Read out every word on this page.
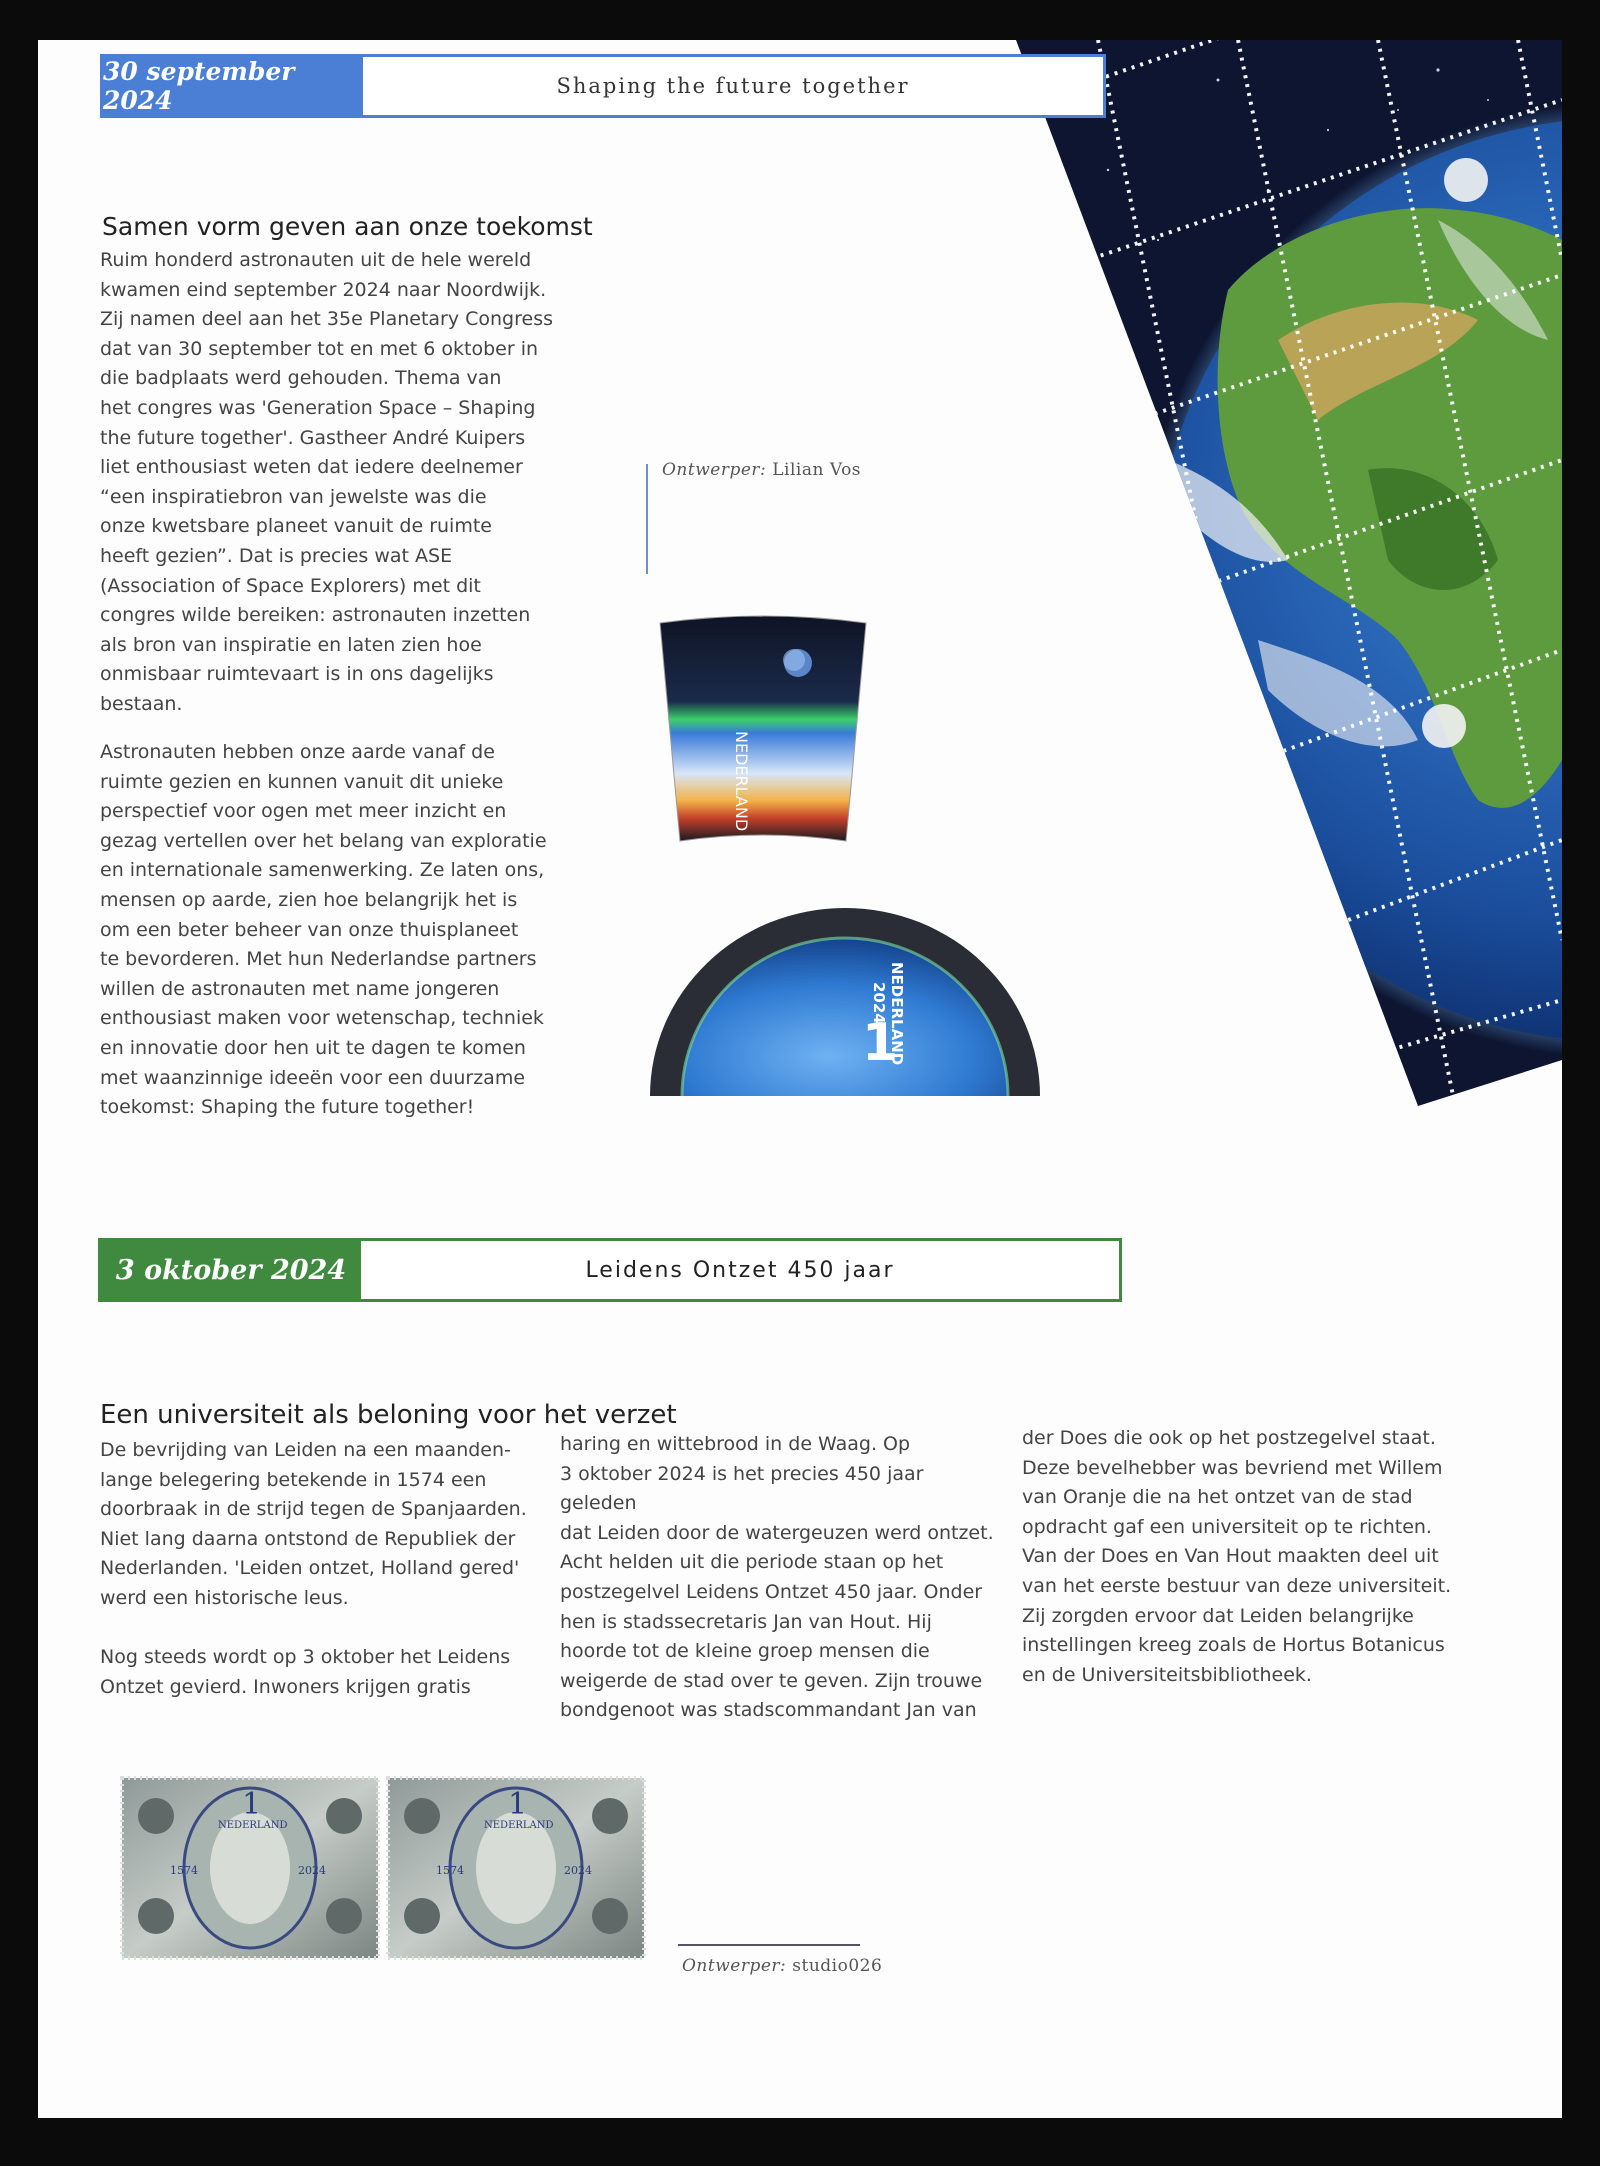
30 september 2024	Shaping the future together
Samen vorm geven aan onze toekomst

Ruim honderd astronauten uit de hele wereld
kwamen eind september 2024 naar Noordwijk.
Zij namen deel aan het 35e Planetary Congress
dat van 30 september tot en met 6 oktober in
die badplaats werd gehouden. Thema van
het congres was 'Generation Space – Shaping
the future together'. Gastheer André Kuipers
liet enthousiast weten dat iedere deelnemer
“een inspiratiebron van jewelste was die
onze kwetsbare planeet vanuit de ruimte
heeft gezien”. Dat is precies wat ASE
(Association of Space Explorers) met dit
congres wilde bereiken: astronauten inzetten
als bron van inspiratie en laten zien hoe
onmisbaar ruimtevaart is in ons dagelijks
bestaan.

Astronauten hebben onze aarde vanaf de
ruimte gezien en kunnen vanuit dit unieke
perspectief voor ogen met meer inzicht en
gezag vertellen over het belang van exploratie
en internationale samenwerking. Ze laten ons,
mensen op aarde, zien hoe belangrijk het is
om een beter beheer van onze thuisplaneet
te bevorderen. Met hun Nederlandse partners
willen de astronauten met name jongeren
enthousiast maken voor wetenschap, techniek
en innovatie door hen uit te dagen te komen
met waanzinnige ideeën voor een duurzame
toekomst: Shaping the future together!

Ontwerper: Lilian Vos
NEDERLAND
1
NEDERLAND
2024
3 oktober 2024	Leidens Ontzet 450 jaar
Een universiteit als beloning voor het verzet

De bevrijding van Leiden na een maanden-
lange belegering betekende in 1574 een
doorbraak in de strijd tegen de Spanjaarden.
Niet lang daarna ontstond de Republiek der
Nederlanden. 'Leiden ontzet, Holland gered'
werd een historische leus.

Nog steeds wordt op 3 oktober het Leidens
Ontzet gevierd. Inwoners krijgen gratis

haring en wittebrood in de Waag. Op
3 oktober 2024 is het precies 450 jaar geleden
dat Leiden door de watergeuzen werd ontzet.
Acht helden uit die periode staan op het
postzegelvel Leidens Ontzet 450 jaar. Onder
hen is stadssecretaris Jan van Hout. Hij
hoorde tot de kleine groep mensen die
weigerde de stad over te geven. Zijn trouwe
bondgenoot was stadscommandant Jan van

der Does die ook op het postzegelvel staat.
Deze bevelhebber was bevriend met Willem
van Oranje die na het ontzet van de stad
opdracht gaf een universiteit op te richten.
Van der Does en Van Hout maakten deel uit
van het eerste bestuur van deze universiteit.
Zij zorgden ervoor dat Leiden belangrijke
instellingen kreeg zoals de Hortus Botanicus
en de Universiteitsbibliotheek.

1
NEDERLAND
1574	2024
1
NEDERLAND
1574	2024
Ontwerper: studio026
